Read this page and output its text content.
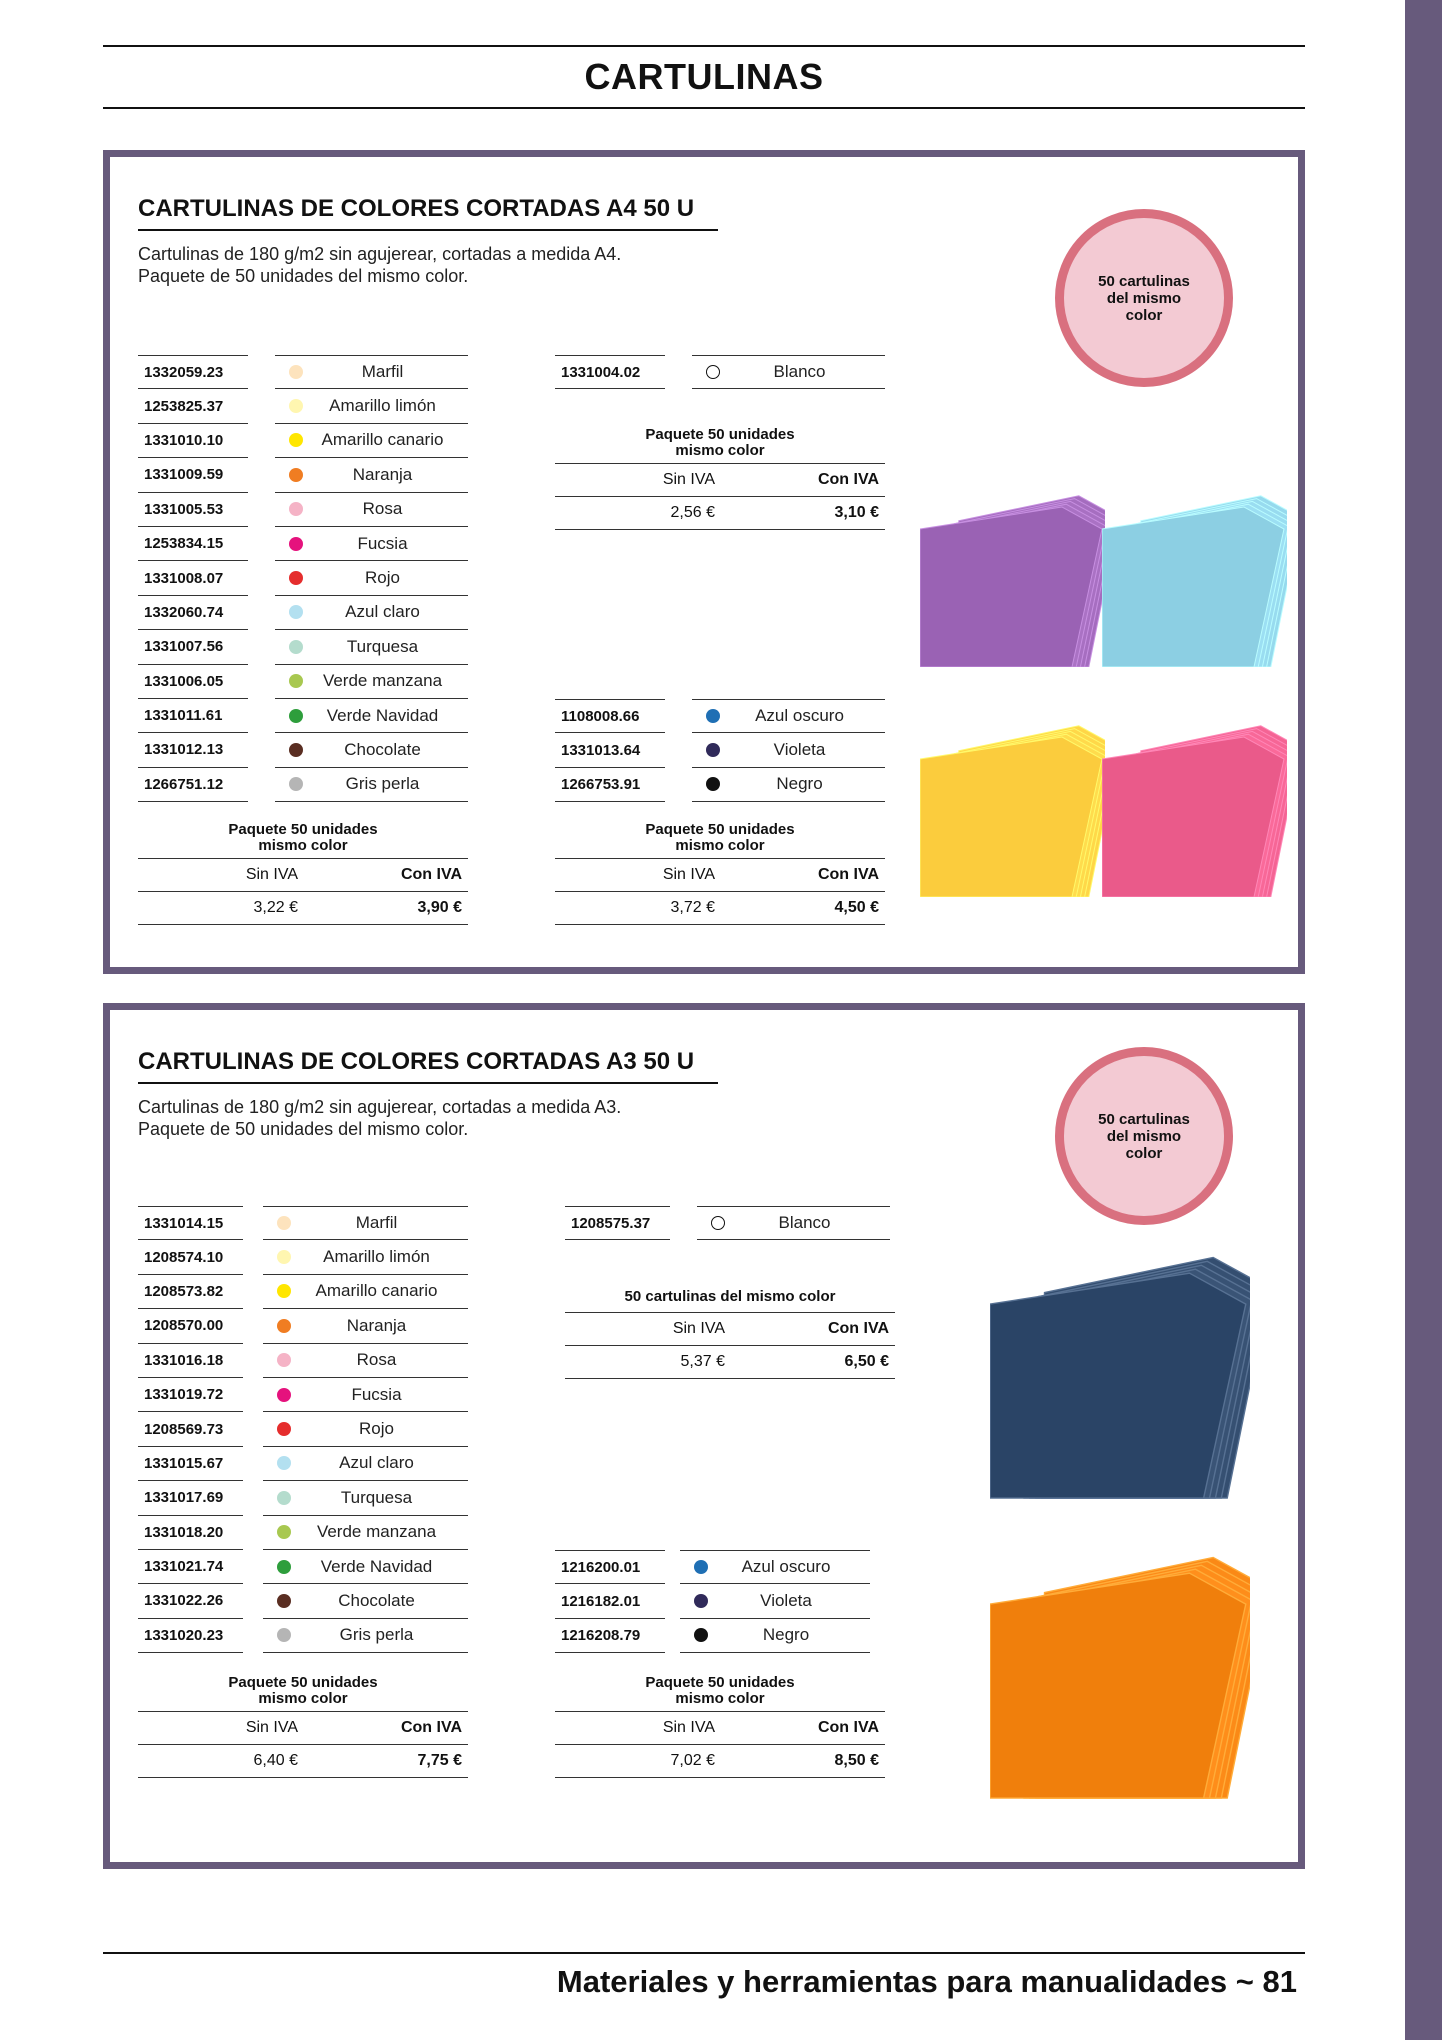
CARTULINAS
CARTULINAS DE COLORES CORTADAS A4 50 U
Cartulinas de 180 g/m2 sin agujerear, cortadas a medida A4.
Paquete de 50 unidades del mismo color.	50 cartulinas del mismo color
1332059.23	Marfil
1253825.37	Amarillo limón
1331010.10	Amarillo canario
1331009.59	Naranja
1331005.53	Rosa
1253834.15	Fucsia
1331008.07	Rojo
1332060.74	Azul claro
1331007.56	Turquesa
1331006.05	Verde manzana
1331011.61	Verde Navidad
1331012.13	Chocolate
1266751.12	Gris perla
1331004.02	Blanco
Paquete 50 unidades
mismo color
Sin IVA	Con IVA
2,56 €	3,10 €
1108008.66	Azul oscuro
1331013.64	Violeta
1266753.91	Negro
Paquete 50 unidades
mismo color
Sin IVA	Con IVA
3,22 €	3,90 €
Paquete 50 unidades
mismo color
Sin IVA	Con IVA
3,72 €	4,50 €
CARTULINAS DE COLORES CORTADAS A3 50 U
Cartulinas de 180 g/m2 sin agujerear, cortadas a medida A3.
Paquete de 50 unidades del mismo color.	50 cartulinas del mismo color
1331014.15	Marfil
1208574.10	Amarillo limón
1208573.82	Amarillo canario
1208570.00	Naranja
1331016.18	Rosa
1331019.72	Fucsia
1208569.73	Rojo
1331015.67	Azul claro
1331017.69	Turquesa
1331018.20	Verde manzana
1331021.74	Verde Navidad
1331022.26	Chocolate
1331020.23	Gris perla
1208575.37	Blanco
50 cartulinas del mismo color
Sin IVA	Con IVA
5,37 €	6,50 €
1216200.01	Azul oscuro
1216182.01	Violeta
1216208.79	Negro
Paquete 50 unidades
mismo color
Sin IVA	Con IVA
6,40 €	7,75 €
Paquete 50 unidades
mismo color
Sin IVA	Con IVA
7,02 €	8,50 €

Materiales y herramientas para manualidades ~ 81
